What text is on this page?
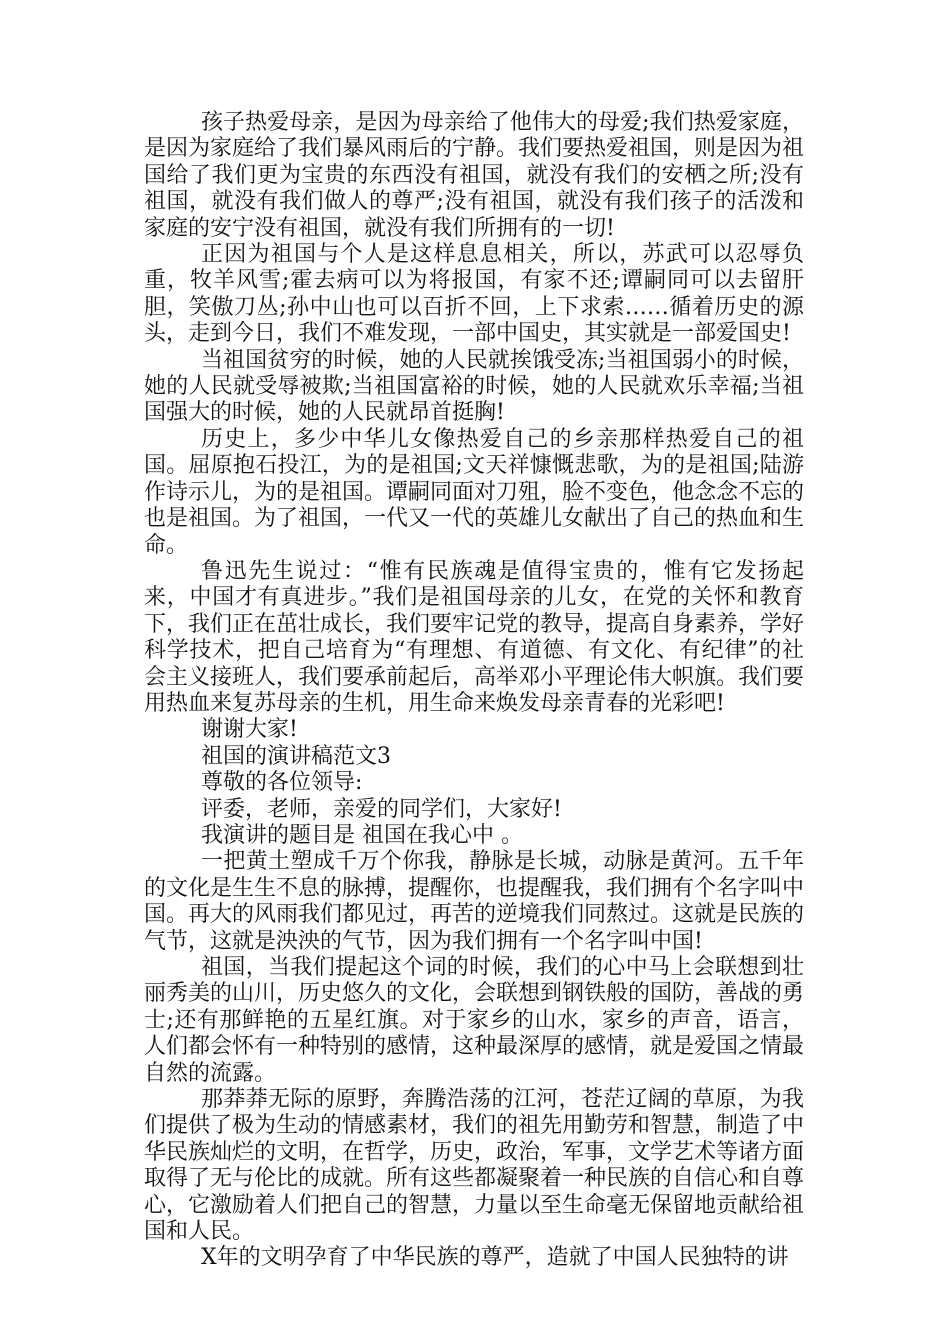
孩子热爱母亲，是因为母亲给了他伟大的母爱;我们热爱家庭，是因为家庭给了我们暴风雨后的宁静。我们要热爱祖国，则是因为祖国给了我们更为宝贵的东西没有祖国，就没有我们的安栖之所;没有祖国，就没有我们做人的尊严;没有祖国，就没有我们孩子的活泼和家庭的安宁没有祖国，就没有我们所拥有的一切!

正因为祖国与个人是这样息息相关，所以，苏武可以忍辱负重，牧羊风雪;霍去病可以为将报国，有家不还;谭嗣同可以去留肝胆，笑傲刀丛;孙中山也可以百折不回，上下求索……循着历史的源头，走到今日，我们不难发现，一部中国史，其实就是一部爱国史!

当祖国贫穷的时候，她的人民就挨饿受冻;当祖国弱小的时候，她的人民就受辱被欺;当祖国富裕的时候，她的人民就欢乐幸福;当祖国强大的时候，她的人民就昂首挺胸!

历史上，多少中华儿女像热爱自己的乡亲那样热爱自己的祖国。屈原抱石投江，为的是祖国;文天祥慷慨悲歌，为的是祖国;陆游作诗示儿，为的是祖国。谭嗣同面对刀殂，脸不变色，他念念不忘的也是祖国。为了祖国，一代又一代的英雄儿女献出了自己的热血和生命。

鲁迅先生说过：“惟有民族魂是值得宝贵的，惟有它发扬起来，中国才有真进步。”我们是祖国母亲的儿女，在党的关怀和教育下，我们正在茁壮成长，我们要牢记党的教导，提高自身素养，学好科学技术，把自己培育为“有理想、有道德、有文化、有纪律”的社会主义接班人，我们要承前起后，高举邓小平理论伟大帜旗。我们要用热血来复苏母亲的生机，用生命来焕发母亲青春的光彩吧!

谢谢大家!

祖国的演讲稿范文3

尊敬的各位领导:

评委，老师，亲爱的同学们，大家好!

我演讲的题目是 祖国在我心中 。

一把黄土塑成千万个你我，静脉是长城，动脉是黄河。五千年的文化是生生不息的脉搏，提醒你，也提醒我，我们拥有个名字叫中国。再大的风雨我们都见过，再苦的逆境我们同熬过。这就是民族的气节，这就是泱泱的气节，因为我们拥有一个名字叫中国!

祖国，当我们提起这个词的时候，我们的心中马上会联想到壮丽秀美的山川，历史悠久的文化，会联想到钢铁般的国防，善战的勇士;还有那鲜艳的五星红旗。对于家乡的山水，家乡的声音，语言，人们都会怀有一种特别的感情，这种最深厚的感情，就是爱国之情最自然的流露。

那莽莽无际的原野，奔腾浩荡的江河，苍茫辽阔的草原，为我们提供了极为生动的情感素材，我们的祖先用勤劳和智慧，制造了中华民族灿烂的文明，在哲学，历史，政治，军事，文学艺术等诸方面取得了无与伦比的成就。所有这些都凝聚着一种民族的自信心和自尊心，它激励着人们把自己的智慧，力量以至生命毫无保留地贡献给祖国和人民。

X年的文明孕育了中华民族的尊严，造就了中国人民独特的讲
